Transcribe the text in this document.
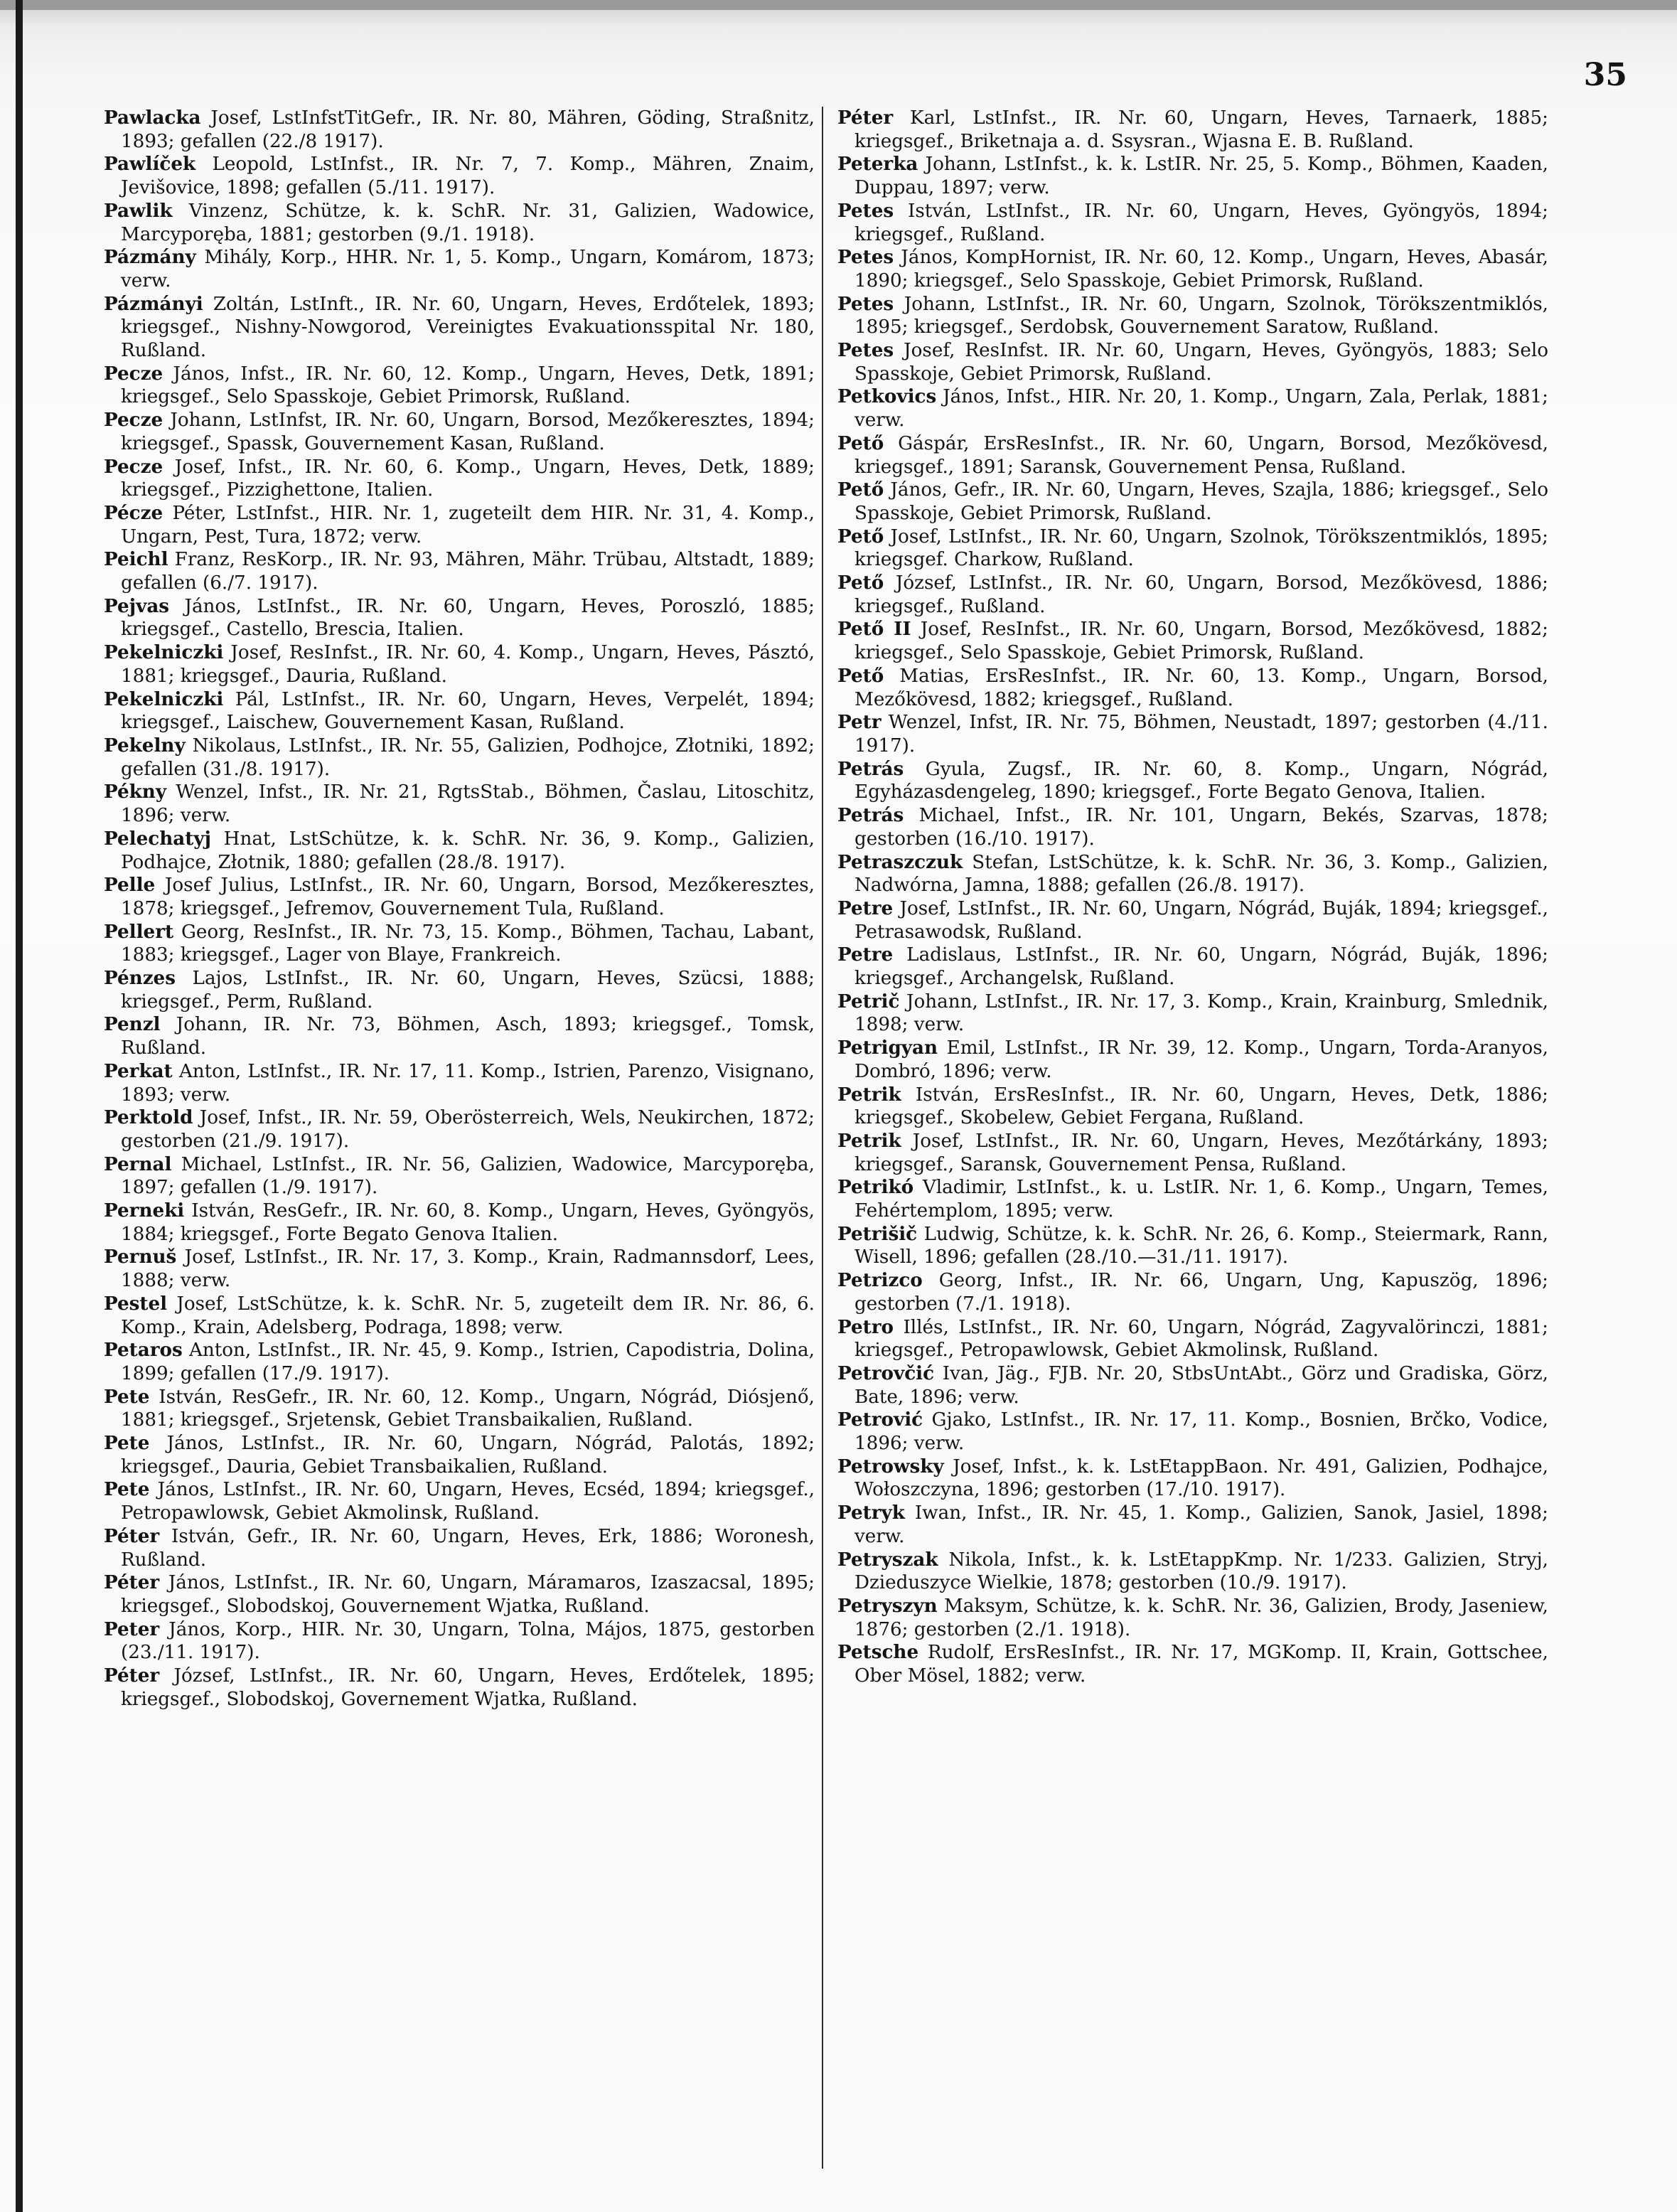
35

Pawlacka Josef, LstInfstTitGefr., IR. Nr. 80, Mähren, Göding, Straßnitz, 1893; gefallen (22./8 1917).

Pawlíček Leopold, LstInfst., IR. Nr. 7, 7. Komp., Mähren, Znaim, Jevišovice, 1898; gefallen (5./11. 1917).

Pawlik Vinzenz, Schütze, k. k. SchR. Nr. 31, Galizien, Wadowice, Marcyporęba, 1881; gestorben (9./1. 1918).

Pázmány Mihály, Korp., HHR. Nr. 1, 5. Komp., Ungarn, Komárom, 1873; verw.

Pázmányi Zoltán, LstInft., IR. Nr. 60, Ungarn, Heves, Erdőtelek, 1893; kriegsgef., Nishny-Nowgorod, Vereinigtes Evakuationsspital Nr. 180, Rußland.

Pecze János, Infst., IR. Nr. 60, 12. Komp., Ungarn, Heves, Detk, 1891; kriegsgef., Selo Spasskoje, Gebiet Primorsk, Rußland.

Pecze Johann, LstInfst, IR. Nr. 60, Ungarn, Borsod, Mezőkeresztes, 1894; kriegsgef., Spassk, Gouvernement Kasan, Rußland.

Pecze Josef, Infst., IR. Nr. 60, 6. Komp., Ungarn, Heves, Detk, 1889; kriegsgef., Pizzighettone, Italien.

Pécze Péter, LstInfst., HIR. Nr. 1, zugeteilt dem HIR. Nr. 31, 4. Komp., Ungarn, Pest, Tura, 1872; verw.

Peichl Franz, ResKorp., IR. Nr. 93, Mähren, Mähr. Trübau, Altstadt, 1889; gefallen (6./7. 1917).

Pejvas János, LstInfst., IR. Nr. 60, Ungarn, Heves, Poroszló, 1885; kriegsgef., Castello, Brescia, Italien.

Pekelniczki Josef, ResInfst., IR. Nr. 60, 4. Komp., Ungarn, Heves, Pásztó, 1881; kriegsgef., Dauria, Rußland.

Pekelniczki Pál, LstInfst., IR. Nr. 60, Ungarn, Heves, Verpelét, 1894; kriegsgef., Laischew, Gouvernement Kasan, Rußland.

Pekelny Nikolaus, LstInfst., IR. Nr. 55, Galizien, Podhojce, Złotniki, 1892; gefallen (31./8. 1917).

Pékny Wenzel, Infst., IR. Nr. 21, RgtsStab., Böhmen, Časlau, Litoschitz, 1896; verw.

Pelechatyj Hnat, LstSchütze, k. k. SchR. Nr. 36, 9. Komp., Galizien, Podhajce, Złotnik, 1880; gefallen (28./8. 1917).

Pelle Josef Julius, LstInfst., IR. Nr. 60, Ungarn, Borsod, Mezőkeresztes, 1878; kriegsgef., Jefremov, Gouvernement Tula, Rußland.

Pellert Georg, ResInfst., IR. Nr. 73, 15. Komp., Böhmen, Tachau, Labant, 1883; kriegsgef., Lager von Blaye, Frankreich.

Pénzes Lajos, LstInfst., IR. Nr. 60, Ungarn, Heves, Szücsi, 1888; kriegsgef., Perm, Rußland.

Penzl Johann, IR. Nr. 73, Böhmen, Asch, 1893; kriegsgef., Tomsk, Rußland.

Perkat Anton, LstInfst., IR. Nr. 17, 11. Komp., Istrien, Parenzo, Visignano, 1893; verw.

Perktold Josef, Infst., IR. Nr. 59, Oberösterreich, Wels, Neukirchen, 1872; gestorben (21./9. 1917).

Pernal Michael, LstInfst., IR. Nr. 56, Galizien, Wadowice, Marcyporęba, 1897; gefallen (1./9. 1917).

Perneki István, ResGefr., IR. Nr. 60, 8. Komp., Ungarn, Heves, Gyöngyös, 1884; kriegsgef., Forte Begato Genova Italien.

Pernuš Josef, LstInfst., IR. Nr. 17, 3. Komp., Krain, Radmannsdorf, Lees, 1888; verw.

Pestel Josef, LstSchütze, k. k. SchR. Nr. 5, zugeteilt dem IR. Nr. 86, 6. Komp., Krain, Adelsberg, Podraga, 1898; verw.

Petaros Anton, LstInfst., IR. Nr. 45, 9. Komp., Istrien, Capodistria, Dolina, 1899; gefallen (17./9. 1917).

Pete István, ResGefr., IR. Nr. 60, 12. Komp., Ungarn, Nógrád, Diósjenő, 1881; kriegsgef., Srjetensk, Gebiet Transbaikalien, Rußland.

Pete János, LstInfst., IR. Nr. 60, Ungarn, Nógrád, Palotás, 1892; kriegsgef., Dauria, Gebiet Transbaikalien, Rußland.

Pete János, LstInfst., IR. Nr. 60, Ungarn, Heves, Ecséd, 1894; kriegsgef., Petropawlowsk, Gebiet Akmolinsk, Rußland.

Péter István, Gefr., IR. Nr. 60, Ungarn, Heves, Erk, 1886; Woronesh, Rußland.

Péter János, LstInfst., IR. Nr. 60, Ungarn, Máramaros, Izaszacsal, 1895; kriegsgef., Slobodskoj, Gouvernement Wjatka, Rußland.

Peter János, Korp., HIR. Nr. 30, Ungarn, Tolna, Májos, 1875, gestorben (23./11. 1917).

Péter József, LstInfst., IR. Nr. 60, Ungarn, Heves, Erdőtelek, 1895; kriegsgef., Slobodskoj, Governement Wjatka, Rußland.

Péter Karl, LstInfst., IR. Nr. 60, Ungarn, Heves, Tarnaerk, 1885; kriegsgef., Briketnaja a. d. Ssysran., Wjasna E. B. Rußland.

Peterka Johann, LstInfst., k. k. LstIR. Nr. 25, 5. Komp., Böhmen, Kaaden, Duppau, 1897; verw.

Petes István, LstInfst., IR. Nr. 60, Ungarn, Heves, Gyöngyös, 1894; kriegsgef., Rußland.

Petes János, KompHornist, IR. Nr. 60, 12. Komp., Ungarn, Heves, Abasár, 1890; kriegsgef., Selo Spasskoje, Gebiet Primorsk, Rußland.

Petes Johann, LstInfst., IR. Nr. 60, Ungarn, Szolnok, Törökszentmiklós, 1895; kriegsgef., Serdobsk, Gouvernement Saratow, Rußland.

Petes Josef, ResInfst. IR. Nr. 60, Ungarn, Heves, Gyöngyös, 1883; Selo Spasskoje, Gebiet Primorsk, Rußland.

Petkovics János, Infst., HIR. Nr. 20, 1. Komp., Ungarn, Zala, Perlak, 1881; verw.

Pető Gáspár, ErsResInfst., IR. Nr. 60, Ungarn, Borsod, Mezőkövesd, kriegsgef., 1891; Saransk, Gouvernement Pensa, Rußland.

Pető János, Gefr., IR. Nr. 60, Ungarn, Heves, Szajla, 1886; kriegsgef., Selo Spasskoje, Gebiet Primorsk, Rußland.

Pető Josef, LstInfst., IR. Nr. 60, Ungarn, Szolnok, Törökszentmiklós, 1895; kriegsgef. Charkow, Rußland.

Pető József, LstInfst., IR. Nr. 60, Ungarn, Borsod, Mezőkövesd, 1886; kriegsgef., Rußland.

Pető II Josef, ResInfst., IR. Nr. 60, Ungarn, Borsod, Mezőkövesd, 1882; kriegsgef., Selo Spasskoje, Gebiet Primorsk, Rußland.

Pető Matias, ErsResInfst., IR. Nr. 60, 13. Komp., Ungarn, Borsod, Mezőkövesd, 1882; kriegsgef., Rußland.

Petr Wenzel, Infst, IR. Nr. 75, Böhmen, Neustadt, 1897; gestorben (4./11. 1917).

Petrás Gyula, Zugsf., IR. Nr. 60, 8. Komp., Ungarn, Nógrád, Egyházasdengeleg, 1890; kriegsgef., Forte Begato Genova, Italien.

Petrás Michael, Infst., IR. Nr. 101, Ungarn, Bekés, Szarvas, 1878; gestorben (16./10. 1917).

Petraszczuk Stefan, LstSchütze, k. k. SchR. Nr. 36, 3. Komp., Galizien, Nadwórna, Jamna, 1888; gefallen (26./8. 1917).

Petre Josef, LstInfst., IR. Nr. 60, Ungarn, Nógrád, Buják, 1894; kriegsgef., Petrasawodsk, Rußland.

Petre Ladislaus, LstInfst., IR. Nr. 60, Ungarn, Nógrád, Buják, 1896; kriegsgef., Archangelsk, Rußland.

Petrič Johann, LstInfst., IR. Nr. 17, 3. Komp., Krain, Krainburg, Smlednik, 1898; verw.

Petrigyan Emil, LstInfst., IR Nr. 39, 12. Komp., Ungarn, Torda-Aranyos, Dombró, 1896; verw.

Petrik István, ErsResInfst., IR. Nr. 60, Ungarn, Heves, Detk, 1886; kriegsgef., Skobelew, Gebiet Fergana, Rußland.

Petrik Josef, LstInfst., IR. Nr. 60, Ungarn, Heves, Mezőtárkány, 1893; kriegsgef., Saransk, Gouvernement Pensa, Rußland.

Petrikó Vladimir, LstInfst., k. u. LstIR. Nr. 1, 6. Komp., Ungarn, Temes, Fehértemplom, 1895; verw.

Petrišič Ludwig, Schütze, k. k. SchR. Nr. 26, 6. Komp., Steiermark, Rann, Wisell, 1896; gefallen (28./10.—31./11. 1917).

Petrizco Georg, Infst., IR. Nr. 66, Ungarn, Ung, Kapuszög, 1896; gestorben (7./1. 1918).

Petro Illés, LstInfst., IR. Nr. 60, Ungarn, Nógrád, Zagyvalörinczi, 1881; kriegsgef., Petropawlowsk, Gebiet Akmolinsk, Rußland.

Petrovčić Ivan, Jäg., FJB. Nr. 20, StbsUntAbt., Görz und Gradiska, Görz, Bate, 1896; verw.

Petrović Gjako, LstInfst., IR. Nr. 17, 11. Komp., Bosnien, Brčko, Vodice, 1896; verw.

Petrowsky Josef, Infst., k. k. LstEtappBaon. Nr. 491, Galizien, Podhajce, Wołoszczyna, 1896; gestorben (17./10. 1917).

Petryk Iwan, Infst., IR. Nr. 45, 1. Komp., Galizien, Sanok, Jasiel, 1898; verw.

Petryszak Nikola, Infst., k. k. LstEtappKmp. Nr. 1/233. Galizien, Stryj, Dzieduszyce Wielkie, 1878; gestorben (10./9. 1917).

Petryszyn Maksym, Schütze, k. k. SchR. Nr. 36, Galizien, Brody, Jaseniew, 1876; gestorben (2./1. 1918).

Petsche Rudolf, ErsResInfst., IR. Nr. 17, MGKomp. II, Krain, Gottschee, Ober Mösel, 1882; verw.
